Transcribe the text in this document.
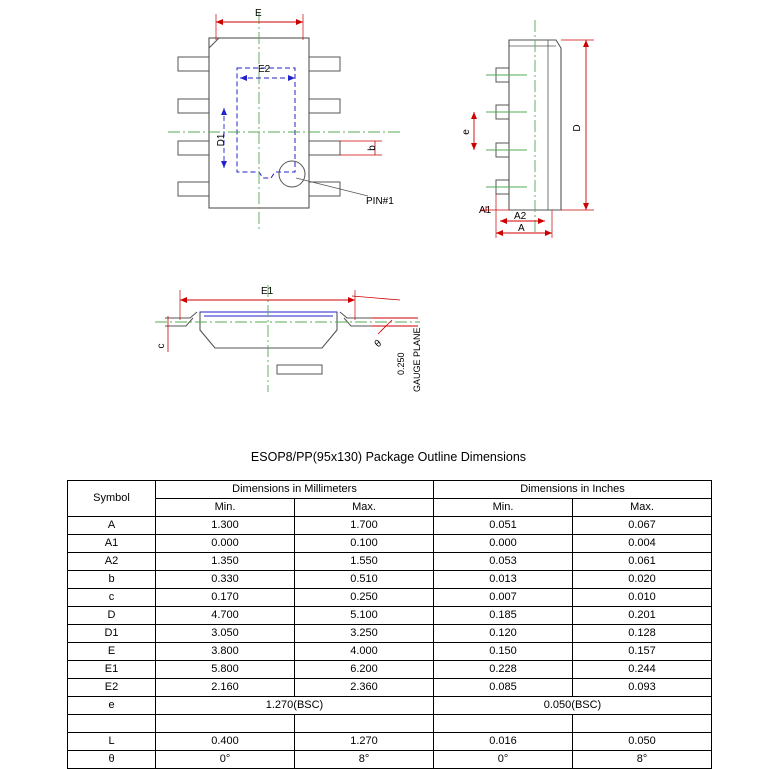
PIN#1
E
E2
D1
b
D
e
A1
A2
A
E1
c	θ
0.250 GAUGE PLANE
ESOP8/PP(95x130) Package Outline Dimensions
Symbol	Dimensions in Millimeters		Dimensions in Inches	
	Min.	Max.	Min.	Max.
A	1.300	1.700	0.051	0.067
A1	0.000	0.100	0.000	0.004
A2	1.350	1.550	0.053	0.061
b	0.330	0.510	0.013	0.020
c	0.170	0.250	0.007	0.010
D	4.700	5.100	0.185	0.201
D1	3.050	3.250	0.120	0.128
E	3.800	4.000	0.150	0.157
E1	5.800	6.200	0.228	0.244
E2	2.160	2.360	0.085	0.093
e	1.270(BSC)		0.050(BSC)	

L	0.400	1.270	0.016	0.050
θ	0°	8°	0°	8°
